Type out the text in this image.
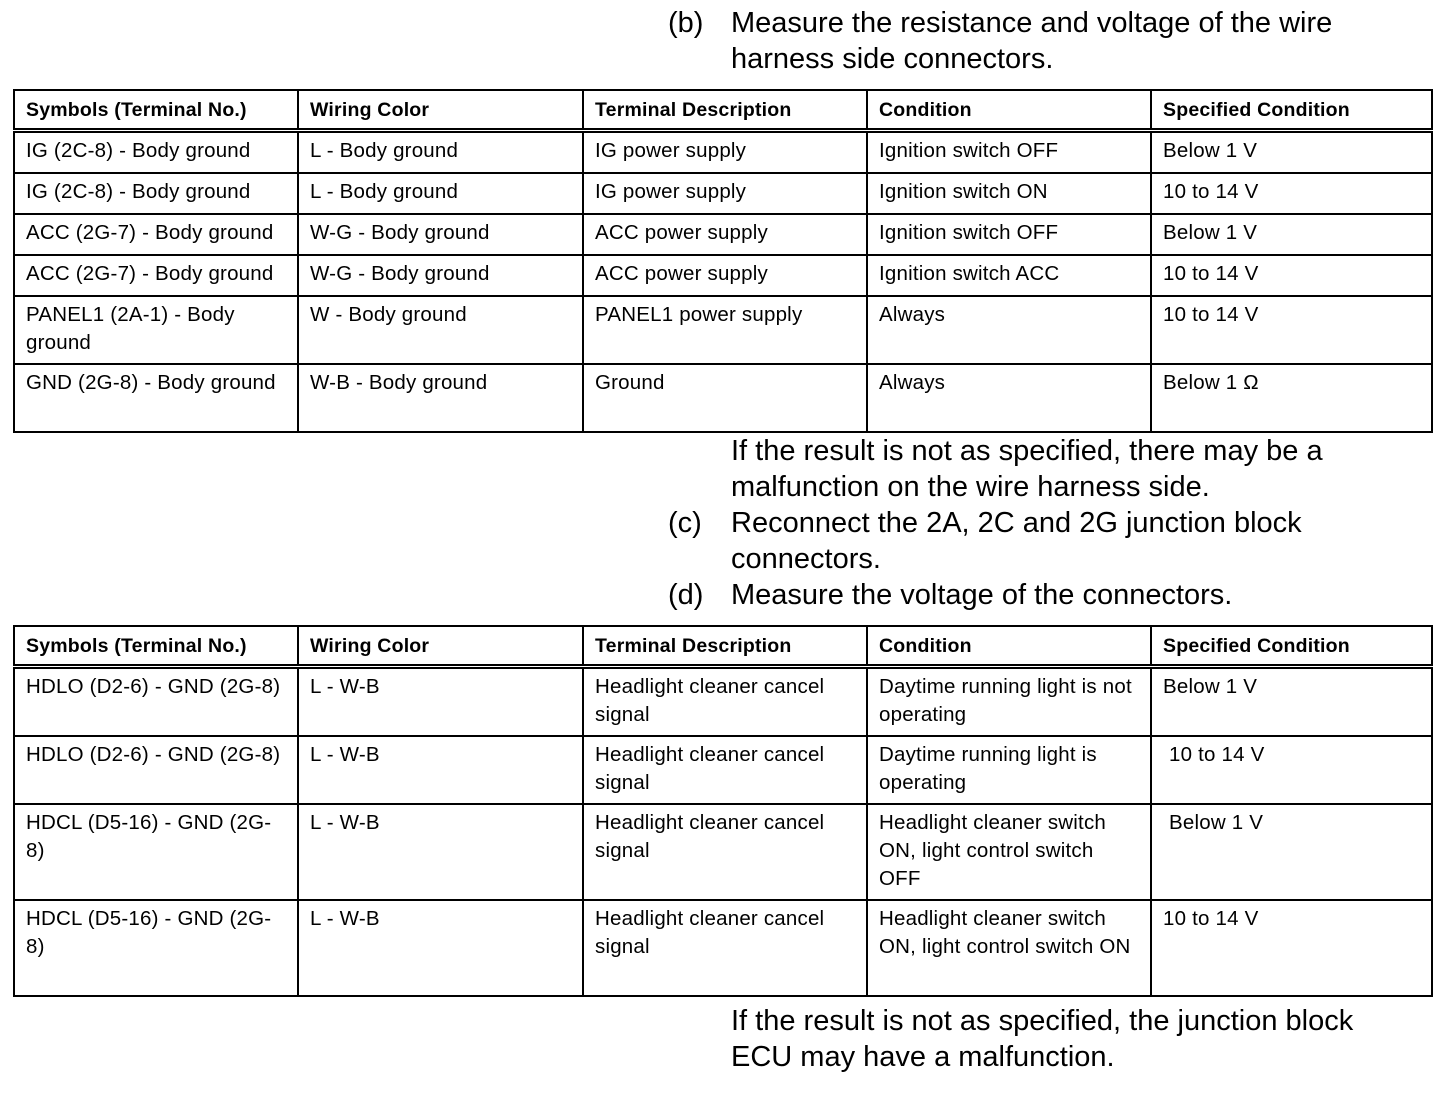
(b) Measure the resistance and voltage of the wire harness side connectors.
Symbols (Terminal No.)	Wiring Color	Terminal Description	Condition	Specified Condition
IG (2C-8) - Body ground	L - Body ground	IG power supply	Ignition switch OFF	Below 1 V
IG (2C-8) - Body ground	L - Body ground	IG power supply	Ignition switch ON	10 to 14 V
ACC (2G-7) - Body ground	W-G - Body ground	ACC power supply	Ignition switch OFF	Below 1 V
ACC (2G-7) - Body ground	W-G - Body ground	ACC power supply	Ignition switch ACC	10 to 14 V
PANEL1 (2A-1) - Body ground	W - Body ground	PANEL1 power supply	Always	10 to 14 V
GND (2G-8) - Body ground	W-B - Body ground	Ground	Always	Below 1 Ω
If the result is not as specified, there may be a malfunction on the wire harness side.
(c)	Reconnect the 2A, 2C and 2G junction block connectors.
(d) Measure the voltage of the connectors.
Symbols (Terminal No.)	Wiring Color	Terminal Description	Condition	Specified Condition
HDLO (D2-6) - GND (2G-8)	L - W-B	Headlight cleaner cancel signal	Daytime running light is not operating	Below 1 V
HDLO (D2-6) - GND (2G-8)	L - W-B	Headlight cleaner cancel signal	Daytime running light is operating	10 to 14 V
HDCL (D5-16) - GND (2G-8)	L - W-B	Headlight cleaner cancel signal	Headlight cleaner switch ON, light control switch OFF	Below 1 V
HDCL (D5-16) - GND (2G-8)	L - W-B	Headlight cleaner cancel signal	Headlight cleaner switch ON, light control switch ON	10 to 14 V
If the result is not as specified, the junction block ECU may have a malfunction.
